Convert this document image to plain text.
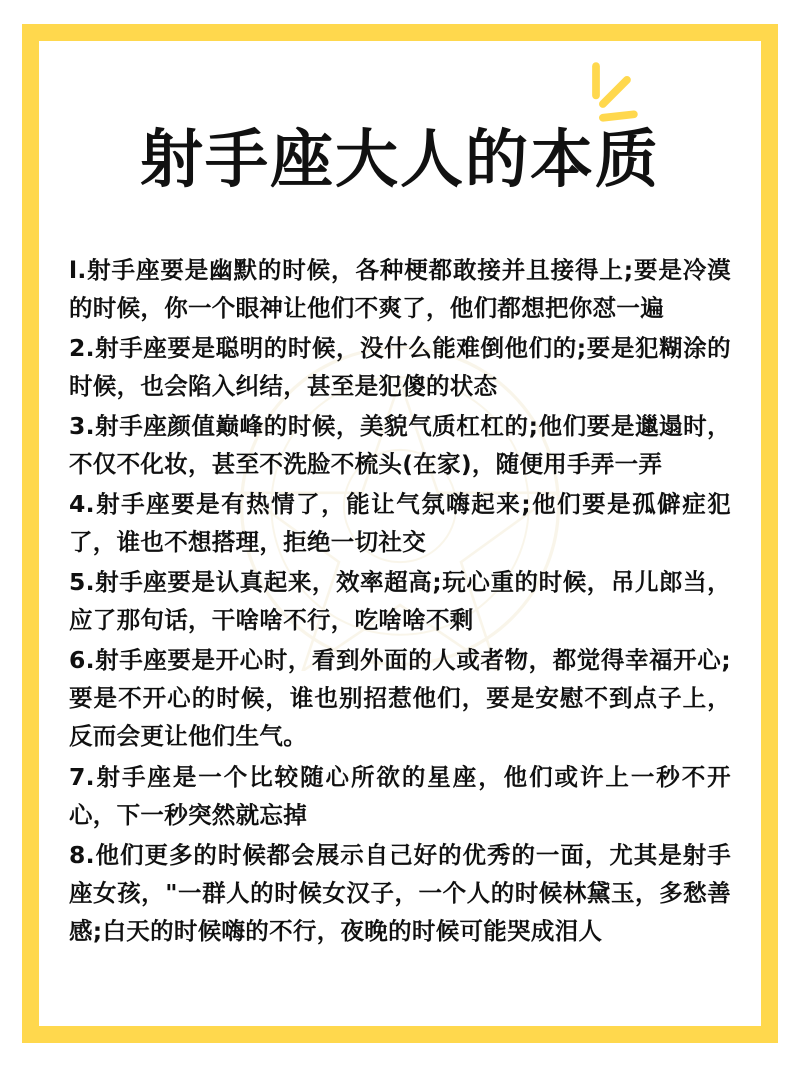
射手座大人的本质

l.射手座要是幽默的时候，各种梗都敢接并且接得上;要是冷漠的时候，你一个眼神让他们不爽了，他们都想把你怼一遍

2.射手座要是聪明的时候，没什么能难倒他们的;要是犯糊涂的时候，也会陷入纠结，甚至是犯傻的状态

3.射手座颜值巅峰的时候，美貌气质杠杠的;他们要是邋遢时，不仅不化妆，甚至不洗脸不梳头(在家)，随便用手弄一弄

4.射手座要是有热情了，能让气氛嗨起来;他们要是孤僻症犯了，谁也不想搭理，拒绝一切社交

5.射手座要是认真起来，效率超高;玩心重的时候，吊儿郎当，应了那句话，干啥啥不行，吃啥啥不剩

6.射手座要是开心时，看到外面的人或者物，都觉得幸福开心;要是不开心的时候，谁也别招惹他们，要是安慰不到点子上，反而会更让他们生气。

7.射手座是一个比较随心所欲的星座，他们或许上一秒不开心，下一秒突然就忘掉

8.他们更多的时候都会展示自己好的优秀的一面，尤其是射手座女孩，"一群人的时候女汉子，一个人的时候林黛玉，多愁善感;白天的时候嗨的不行，夜晚的时候可能哭成泪人
